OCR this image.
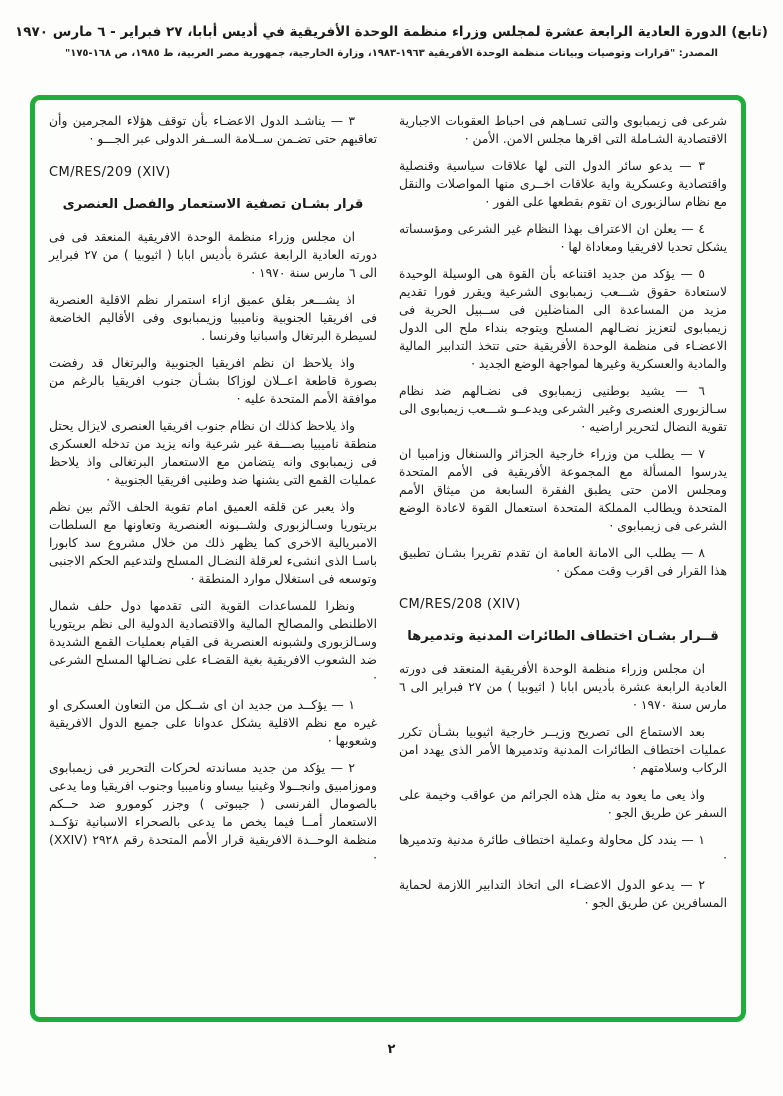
(تابع) الدورة العادية الرابعة عشرة لمجلس وزراء منظمة الوحدة الأفريقية في أديس أبابا، ٢٧ فبراير - ٦ مارس ١٩٧٠
المصدر: "قرارات وتوصيات وبيانات منظمة الوحدة الأفريقية ١٩٦٣-١٩٨٣، وزارة الخارجية، جمهورية مصر العربية، ط ١٩٨٥، ص ١٦٨-١٧٥"

شرعى فى زيمبابوى والتى تسـاهم فى احباط العقوبات الاجبارية الاقتصادية الشـاملة التى اقرها مجلس الامن. الأمن ·

٣ — يدعو سائر الدول التى لها علاقات سياسية وقنصلية واقتصادية وعسكرية واية علاقات اخــرى منها المواصلات والنقل مع نظام سالزبورى ان تقوم بقطعها على الفور ·

٤ — يعلن ان الاعتراف بهذا النظام غير الشرعى ومؤسساته يشكل تحديا لافريقيا ومعاداة لها ·

٥ — يؤكد من جديد اقتناعه بأن القوة هى الوسيلة الوحيدة لاستعادة حقوق شـــعب زيمبابوى الشرعية ويقرر فورا تقديم مزيد من المساعدة الى المناضلين فى ســبيل الحرية فى زيمبابوى لتعزيز نضـالهم المسلح ويتوجه بنداء ملح الى الدول الاعضـاء فى منظمة الوحدة الأفريقية حتى تتخذ التدابير المالية والمادية والعسكرية وغيرها لمواجهة الوضع الجديد ·

٦ — يشيد بوطنيى زيمبابوى فى نضـالهم ضد نظام سـالزبورى العنصرى وغير الشرعى ويدعــو شـــعب زيمبابوى الى تقوية النضال لتحرير اراضيه ·

٧ — يطلب من وزراء خارجية الجزائر والسنغال وزامبيا ان يدرسوا المسألة مع المجموعة الأفريقية فى الأمم المتحدة ومجلس الامن حتى يطبق الفقرة السابعة من ميثاق الأمم المتحدة ويطالب المملكة المتحدة استعمال القوة لاعادة الوضع الشرعى فى زيمبابوى ·

٨ — يطلب الى الامانة العامة ان تقدم تقريرا بشـان تطبيق هذا القرار فى اقرب وقت ممكن ·

CM/RES/208 (XIV)

قــرار بشـان اختطاف الطائرات المدنية وتدميرها

ان مجلس وزراء منظمة الوحدة الأفريقية المنعقد فى دورته العادية الرابعة عشرة بأديس ابابا ( اثيوبيا ) من ٢٧ فبراير الى ٦ مارس سنة ١٩٧٠ ·

بعد الاستماع الى تصريح وزيــر خارجية اثيوبيا بشـأن تكرر عمليات اختطاف الطائرات المدنية وتدميرها الأمر الذى يهدد امن الركاب وسلامتهم ·

واذ يعى ما يعود به مثل هذه الجرائم من عواقب وخيمة على السفر عن طريق الجو ·

١ — يندد كل محاولة وعملية اختطاف طائرة مدنية وتدميرها ·

٢ — يدعو الدول الاعضـاء الى اتخاذ التدابير اللازمة لحماية المسافرين عن طريق الجو ·

٣ — يناشـد الدول الاعضـاء بأن توقف هؤلاء المجرمين وأن تعاقبهم حتى تضـمن ســلامة الســفر الدولى عبر الجـــو ·

CM/RES/209 (XIV)

قرار بشـان تصفية الاستعمار والفصل العنصرى

ان مجلس وزراء منظمة الوحدة الافريقية المنعقد فى فى دورته العادية الرابعة عشرة بأديس ابابا ( اثيوبيا ) من ٢٧ فبراير الى ٦ مارس سنة ١٩٧٠ ·

اذ يشـــعر بقلق عميق ازاء استمرار نظم الاقلية العنصرية فى افريقيا الجنوبية وناميبيا وزيمبابوى وفى الأقاليم الخاضعة لسيطرة البرتغال واسبانيا وفرنسا .

واذ يلاحظ ان نظم افريقيا الجنوبية والبرتغال قد رفضت بصورة قاطعة اعــلان لوزاكا بشـأن جنوب افريقيا بالرغم من موافقة الأمم المتحدة عليه ·

واذ يلاحظ كذلك ان نظام جنوب افريقيا العنصرى لايزال يحتل منطقة ناميبيا بصـــفة غير شرعية وانه يزيد من تدخله العسكرى فى زيمبابوى وانه يتضامن مع الاستعمار البرتغالى واذ يلاحظ عمليات القمع التى يشنها ضد وطنيى افريقيا الجنوبية ·

واذ يعبر عن قلقه العميق امام تقوية الحلف الآثم بين نظم بريتوريا وسـالزبورى ولشــبونه العنصرية وتعاونها مع السلطات الامبريالية الاخرى كما يظهر ذلك من خلال مشروع سد كابورا باسـا الذى انشىء لعرقلة النضـال المسلح ولتدعيم الحكم الاجنبى وتوسعه فى استغلال موارد المنطقة ·

ونظرا للمساعدات القوية التى تقدمها دول حلف شمال الاطلنطى والمصالح المالية والاقتصادية الدولية الى نظم بريتوريا وسـالزبورى ولشبونه العنصرية فى القيام بعمليات القمع الشديدة ضد الشعوب الافريقية بغية القضـاء على نضـالها المسلح الشرعى ·

١ — يؤكــد من جديد ان اى شــكل من التعاون العسكرى او غيره مع نظم الاقلية يشكل عدوانا على جميع الدول الافريقية وشعوبها ·

٢ — يؤكد من جديد مساندته لحركات التحرير فى زيمبابوى وموزامبيق وانجــولا وغينيا بيساو وناميبيا وجنوب افريقيا وما يدعى بالصومال الفرنسى ( جيبوتى ) وجزر كومورو ضد حــكم الاستعمار أمــا فيما يخص ما يدعى بالصحراء الاسبانية تؤكــد منظمة الوحــدة الافريقية قرار الأمم المتحدة رقم ٢٩٢٨ (XXIV) ·

٢
